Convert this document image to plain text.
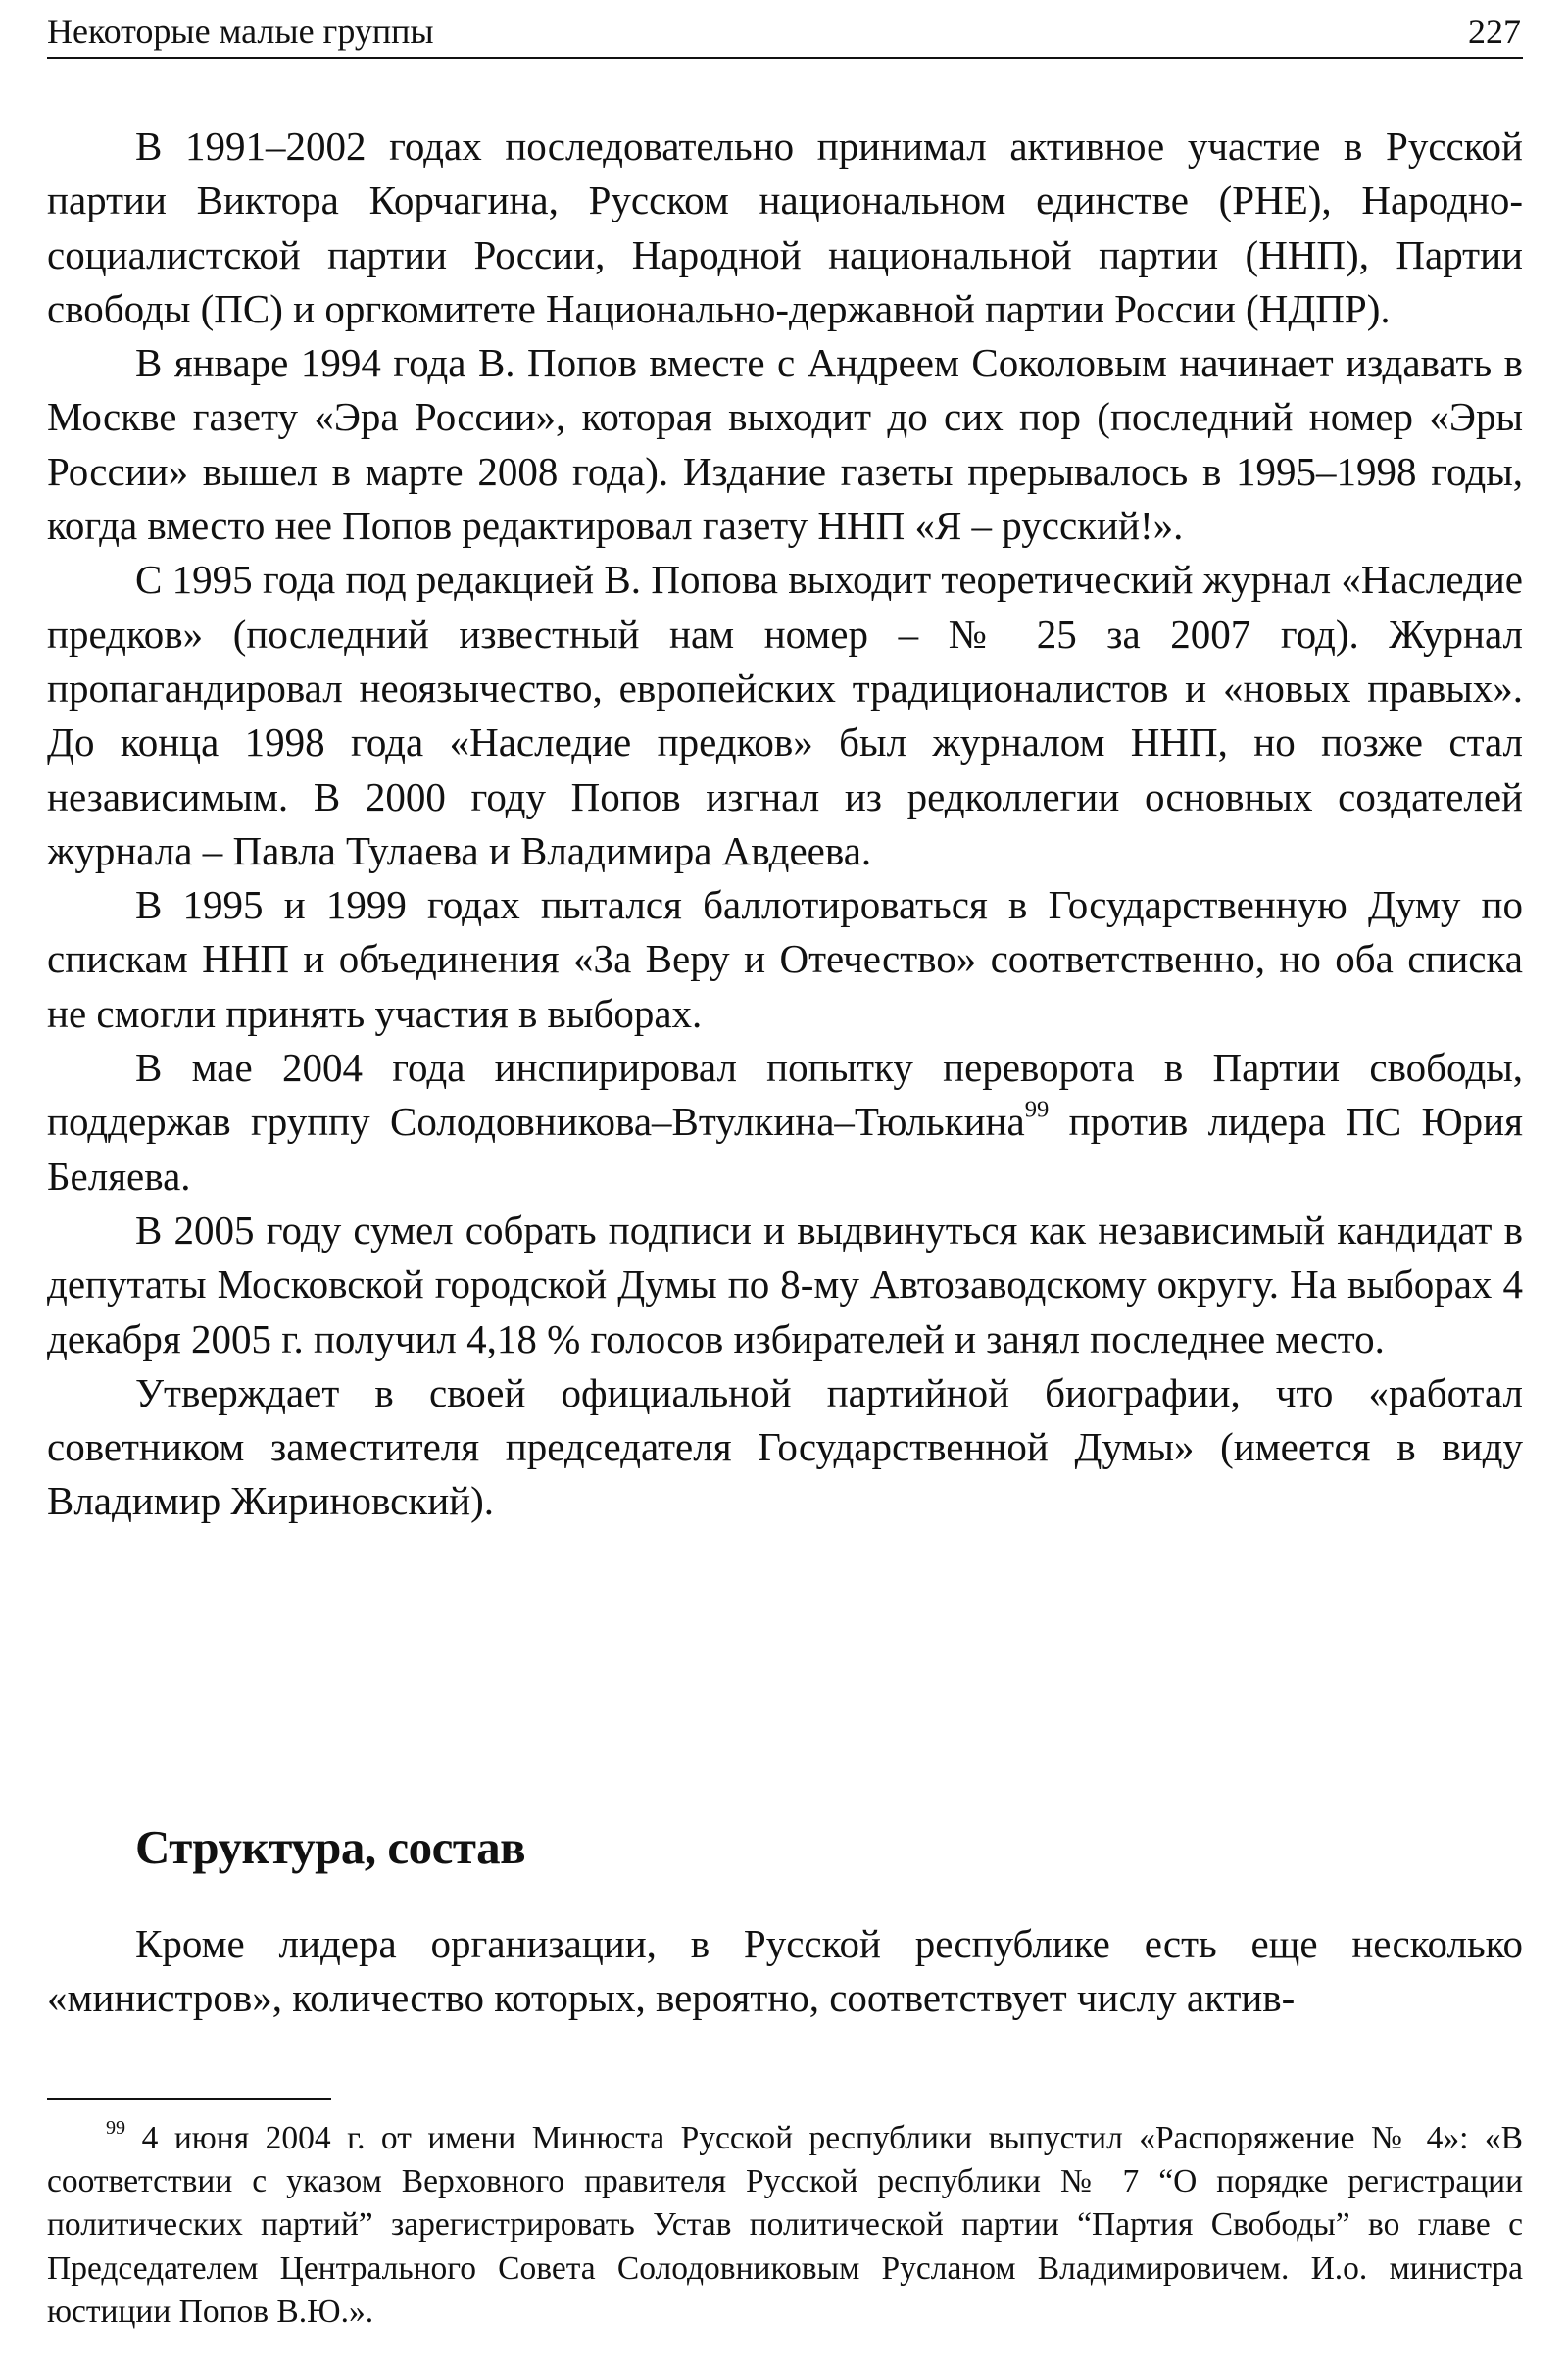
Некоторые малые группы	227

В 1991–2002 годах последовательно принимал активное участие в Русской партии Виктора Корчагина, Русском национальном единстве (РНЕ), Народно-социалистской партии России, Народной национальной партии (ННП), Партии свободы (ПС) и оргкомитете Национально-державной партии России (НДПР).

В январе 1994 года В. Попов вместе с Андреем Соколовым начинает издавать в Москве газету «Эра России», которая выходит до сих пор (последний номер «Эры России» вышел в марте 2008 года). Издание газеты прерывалось в 1995–1998 годы, когда вместо нее Попов редактировал газету ННП «Я – русский!».

С 1995 года под редакцией В. Попова выходит теоретический журнал «Наследие предков» (последний известный нам номер – № 25 за 2007 год). Журнал пропагандировал неоязычество, европейских традиционалистов и «новых правых». До конца 1998 года «Наследие предков» был журналом ННП, но позже стал независимым. В 2000 году Попов изгнал из редколлегии основных создателей журнала – Павла Тулаева и Владимира Авдеева.

В 1995 и 1999 годах пытался баллотироваться в Государственную Думу по спискам ННП и объединения «За Веру и Отечество» соответственно, но оба списка не смогли принять участия в выборах.

В мае 2004 года инспирировал попытку переворота в Партии свободы, поддержав группу Солодовникова–Втулкина–Тюлькина$^{99}$ против лидера ПС Юрия Беляева.

В 2005 году сумел собрать подписи и выдвинуться как независимый кандидат в депутаты Московской городской Думы по 8-му Автозаводскому округу. На выборах 4 декабря 2005 г. получил 4,18 % голосов избирателей и занял последнее место.

Утверждает в своей официальной партийной биографии, что «работал советником заместителя председателя Государственной Думы» (имеется в виду Владимир Жириновский).

Структура, состав

Кроме лидера организации, в Русской республике есть еще несколько «министров», количество которых, вероятно, соответствует числу актив-

$^{99}$ 4 июня 2004 г. от имени Минюста Русской республики выпустил «Распоряжение № 4»: «В соответствии с указом Верховного правителя Русской республики № 7 “О порядке регистрации политических партий” зарегистрировать Устав политической партии “Партия Свободы” во главе с Председателем Центрального Совета Солодовниковым Русланом Владимировичем. И.о. министра юстиции Попов В.Ю.».
